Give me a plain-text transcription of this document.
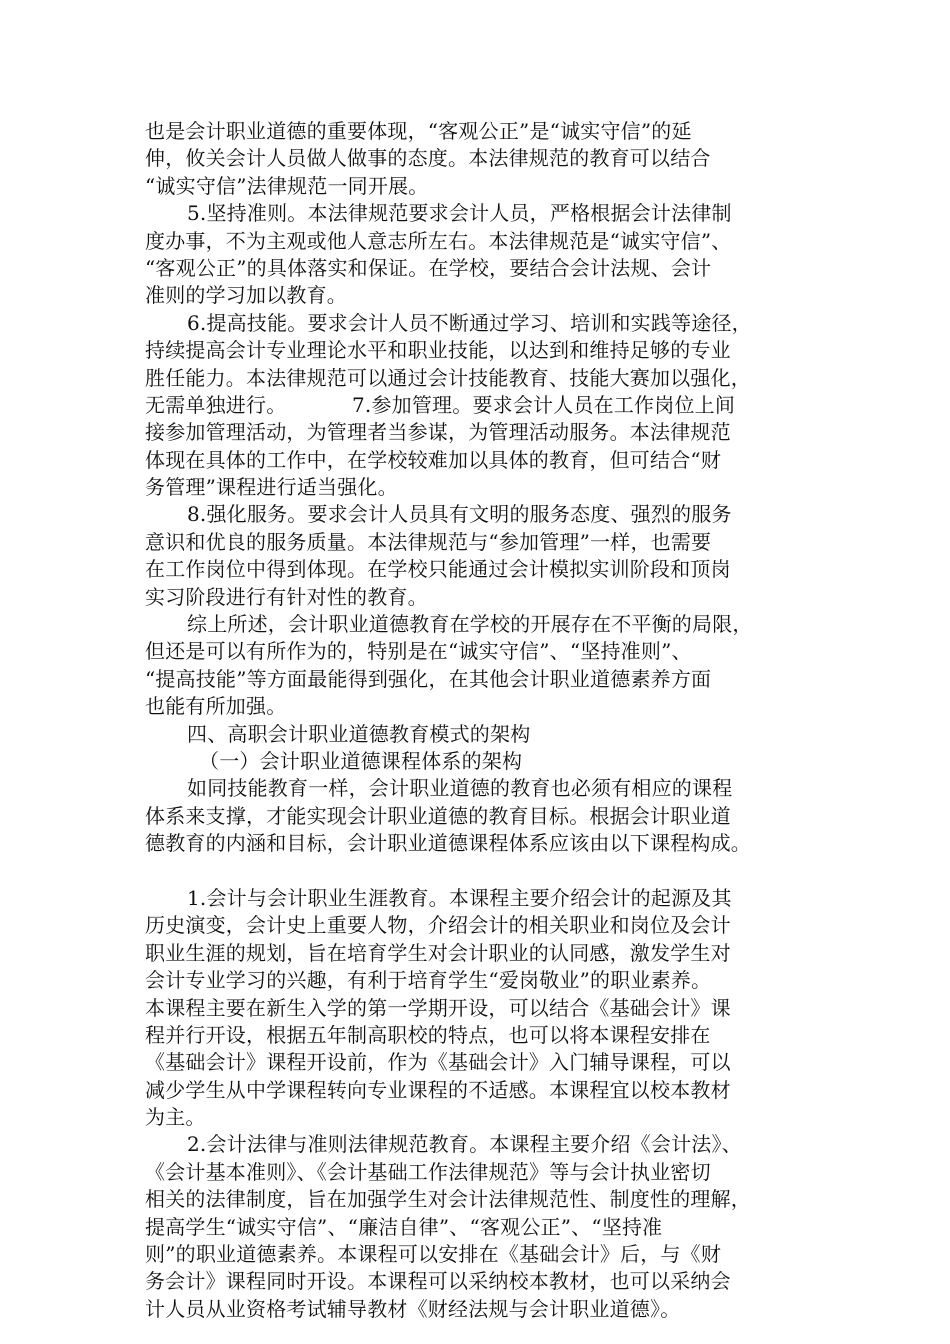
也是会计职业道德的重要体现，“客观公正”是“诚实守信”的延
伸，攸关会计人员做人做事的态度。本法律规范的教育可以结合
“诚实守信”法律规范一同开展。
5.坚持准则。本法律规范要求会计人员，严格根据会计法律制
度办事，不为主观或他人意志所左右。本法律规范是“诚实守信”、
“客观公正”的具体落实和保证。在学校，要结合会计法规、会计
准则的学习加以教育。
6.提高技能。要求会计人员不断通过学习、培训和实践等途径，
持续提高会计专业理论水平和职业技能，以达到和维持足够的专业
胜任能力。本法律规范可以通过会计技能教育、技能大赛加以强化，
无需单独进行。          7.参加管理。要求会计人员在工作岗位上间
接参加管理活动，为管理者当参谋，为管理活动服务。本法律规范
体现在具体的工作中，在学校较难加以具体的教育，但可结合“财
务管理”课程进行适当强化。
8.强化服务。要求会计人员具有文明的服务态度、强烈的服务
意识和优良的服务质量。本法律规范与“参加管理”一样，也需要
在工作岗位中得到体现。在学校只能通过会计模拟实训阶段和顶岗
实习阶段进行有针对性的教育。
综上所述，会计职业道德教育在学校的开展存在不平衡的局限，
但还是可以有所作为的，特别是在“诚实守信”、“坚持准则”、
“提高技能”等方面最能得到强化，在其他会计职业道德素养方面
也能有所加强。
四、高职会计职业道德教育模式的架构
（一）会计职业道德课程体系的架构
如同技能教育一样，会计职业道德的教育也必须有相应的课程
体系来支撑，才能实现会计职业道德的教育目标。根据会计职业道
德教育的内涵和目标，会计职业道德课程体系应该由以下课程构成。
1.会计与会计职业生涯教育。本课程主要介绍会计的起源及其
历史演变，会计史上重要人物，介绍会计的相关职业和岗位及会计
职业生涯的规划，旨在培育学生对会计职业的认同感，激发学生对
会计专业学习的兴趣，有利于培育学生“爱岗敬业”的职业素养。
本课程主要在新生入学的第一学期开设，可以结合《基础会计》课
程并行开设，根据五年制高职校的特点，也可以将本课程安排在
《基础会计》课程开设前，作为《基础会计》入门辅导课程，可以
减少学生从中学课程转向专业课程的不适感。本课程宜以校本教材
为主。
2.会计法律与准则法律规范教育。本课程主要介绍《会计法》、
《会计基本准则》、《会计基础工作法律规范》等与会计执业密切
相关的法律制度，旨在加强学生对会计法律规范性、制度性的理解，
提高学生“诚实守信”、“廉洁自律”、“客观公正”、“坚持准
则”的职业道德素养。本课程可以安排在《基础会计》后，与《财
务会计》课程同时开设。本课程可以采纳校本教材，也可以采纳会
计人员从业资格考试辅导教材《财经法规与会计职业道德》。
